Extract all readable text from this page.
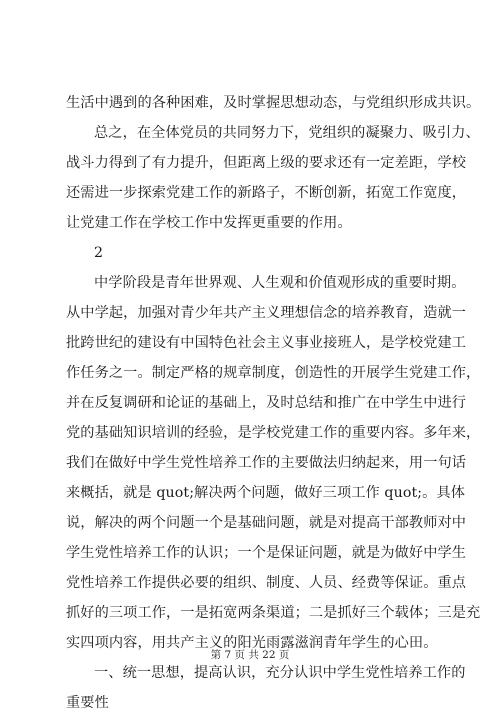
生活中遇到的各种困难，及时掌握思想动态，与党组织形成共识。
总之，在全体党员的共同努力下，党组织的凝聚力、吸引力、
战斗力得到了有力提升，但距离上级的要求还有一定差距，学校
还需进一步探索党建工作的新路子，不断创新，拓宽工作宽度，
让党建工作在学校工作中发挥更重要的作用。
2
中学阶段是青年世界观、人生观和价值观形成的重要时期。
从中学起，加强对青少年共产主义理想信念的培养教育，造就一
批跨世纪的建设有中国特色社会主义事业接班人，是学校党建工
作任务之一。制定严格的规章制度，创造性的开展学生党建工作，
并在反复调研和论证的基础上，及时总结和推广在中学生中进行
党的基础知识培训的经验，是学校党建工作的重要内容。多年来，
我们在做好中学生党性培养工作的主要做法归纳起来，用一句话
来概括，就是 quot;解决两个问题，做好三项工作 quot;。具体
说，解决的两个问题一个是基础问题，就是对提高干部教师对中
学生党性培养工作的认识；一个是保证问题，就是为做好中学生
党性培养工作提供必要的组织、制度、人员、经费等保证。重点
抓好的三项工作，一是拓宽两条渠道；二是抓好三个载体；三是充
实四项内容，用共产主义的阳光雨露滋润青年学生的心田。
一、统一思想，提高认识，充分认识中学生党性培养工作的
重要性
第 7 页 共 22 页
